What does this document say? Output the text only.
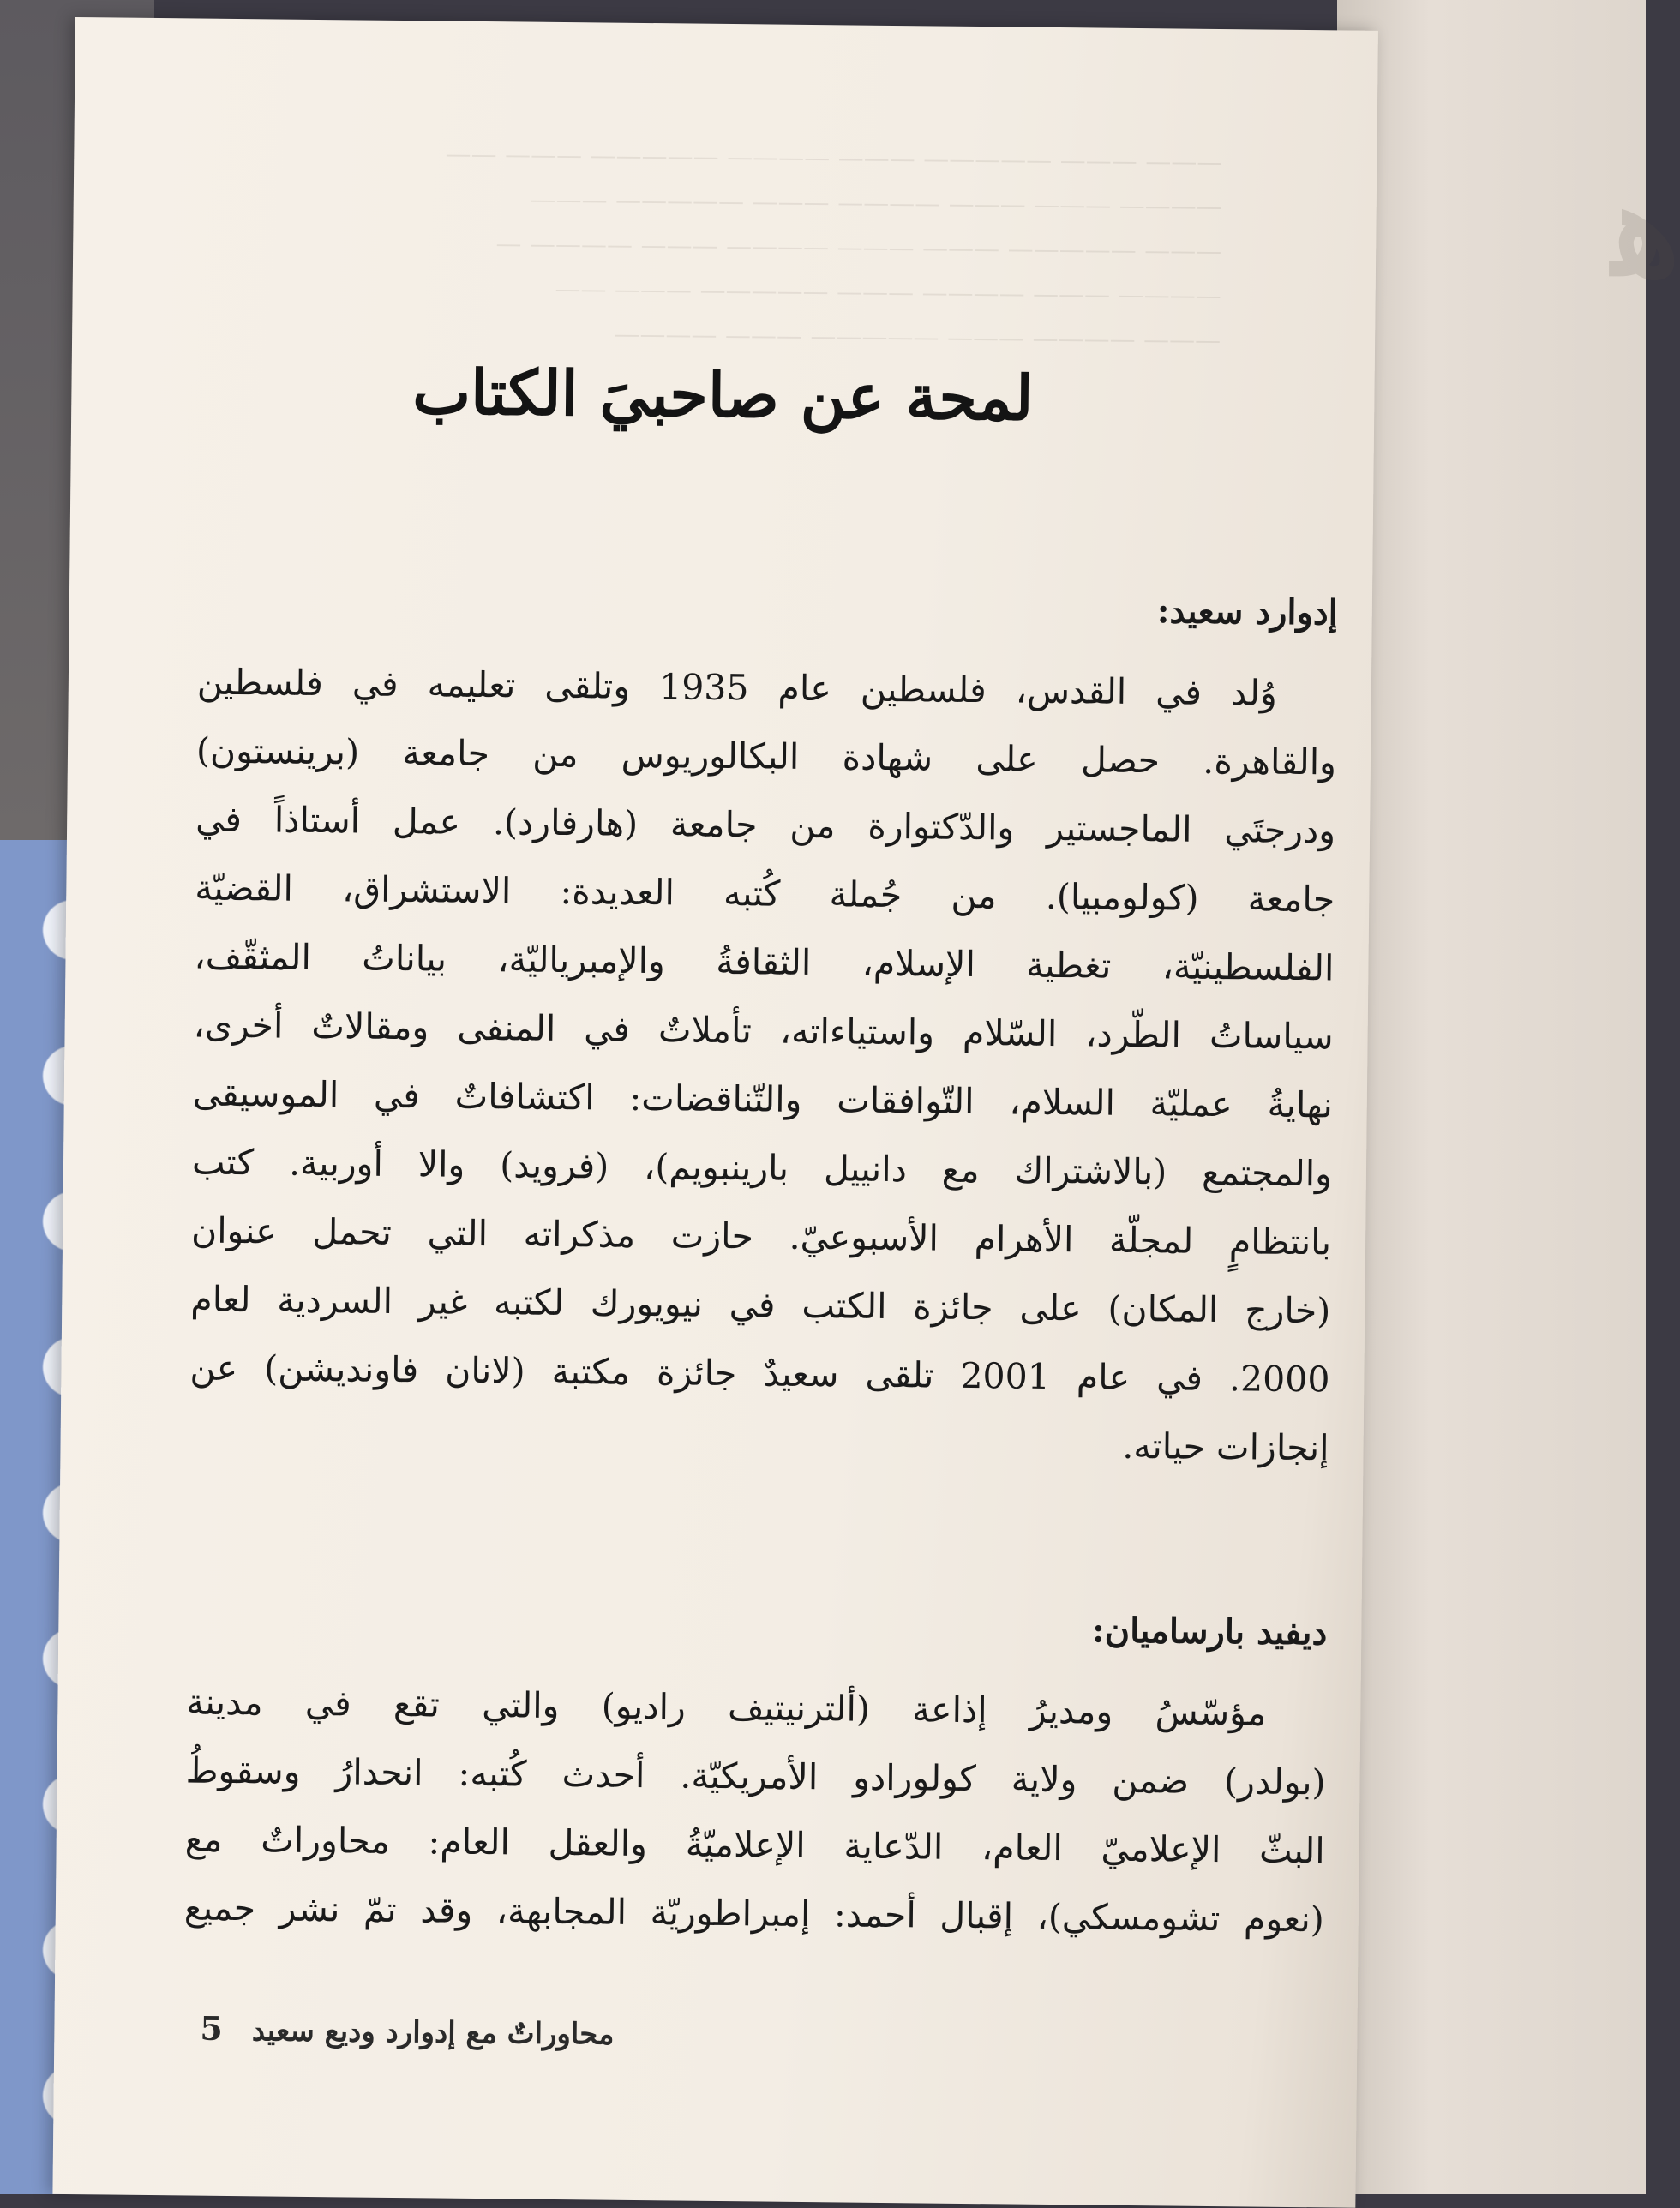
ﻫ
——— ——— ————— ——— ———— ————— ——— ——
———— ——— ——— ———— ——— ————— ———
——— ————— ——— ——— ———— ——— ———— —
———— ——— ———— ——— ————— ——— ——
——— ———— ——— ————— ——— ————
لمحة عن صاحبيَ الكتاب
إدوارد سعيد:
وُلد في القدس، فلسطين عام 1935 وتلقى تعليمه في فلسطين
والقاهرة. حصل على شهادة البكالوريوس من جامعة (برينستون)
ودرجتَي الماجستير والدّكتوارة من جامعة (هارفارد). عمل أستاذاً في
جامعة (كولومبيا). من جُملة كُتبه العديدة: الاستشراق، القضيّة
الفلسطينيّة، تغطية الإسلام، الثقافةُ والإمبرياليّة، بياناتُ المثقّف،
سياساتُ الطّرد، السّلام واستياءاته، تأملاتٌ في المنفى ومقالاتٌ أخرى،
نهايةُ عمليّة السلام، التّوافقات والتّناقضات: اكتشافاتٌ في الموسيقى
والمجتمع (بالاشتراك مع دانييل بارينبويم)، (فرويد) والا أوربية. كتب
بانتظامٍ لمجلّة الأهرام الأسبوعيّ. حازت مذكراته التي تحمل عنوان
(خارج المكان) على جائزة الكتب في نيويورك لكتبه غير السردية لعام
2000. في عام 2001 تلقى سعيدٌ جائزة مكتبة (لانان فاونديشن) عن
إنجازات حياته.
ديفيد بارساميان:
مؤسّسُ ومديرُ إذاعة (ألترنيتيف راديو) والتي تقع في مدينة
(بولدر) ضمن ولاية كولورادو الأمريكيّة. أحدث كُتبه: انحدارُ وسقوطُ
البثّ الإعلاميّ العام، الدّعاية الإعلاميّةُ والعقل العام: محاوراتٌ مع
(نعوم تشومسكي)، إقبال أحمد: إمبراطوريّة المجابهة، وقد تمّ نشر جميع
5 محاوراتٌ مع إدوارد وديع سعيد
